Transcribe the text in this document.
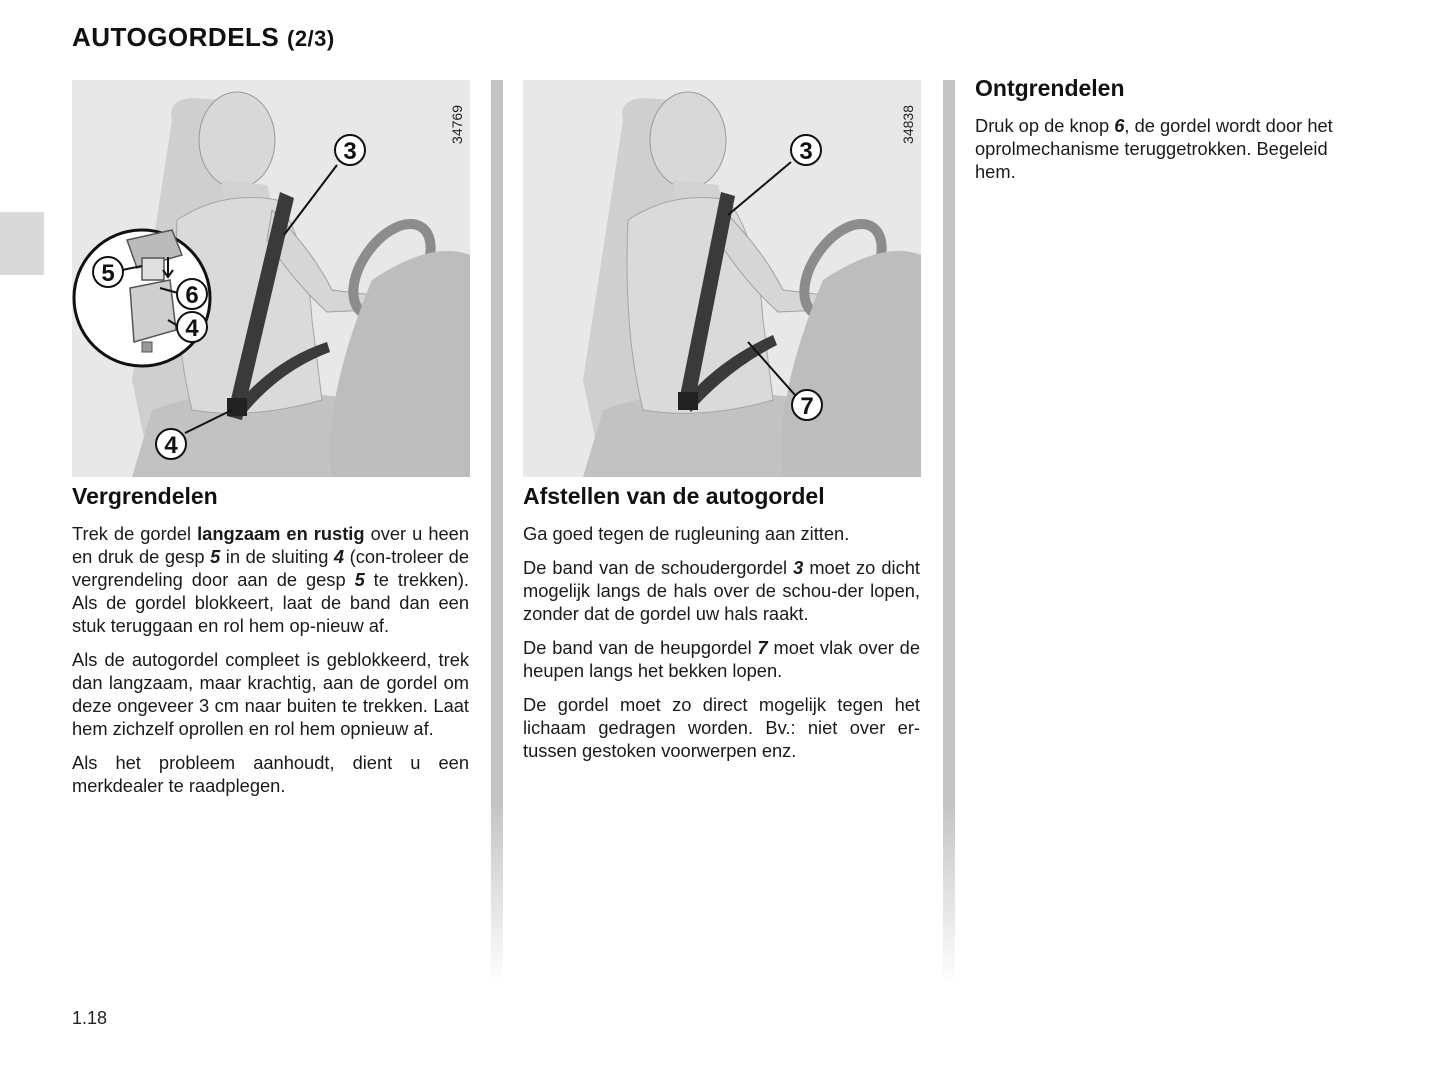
AUTOGORDELS (2/3)
3
5
6
4
4
34769
3
7
34838
Vergrendelen

Trek de gordel langzaam en rustig over u heen en druk de gesp 5 in de sluiting 4 (con-troleer de vergrendeling door aan de gesp 5 te trekken). Als de gordel blokkeert, laat de band dan een stuk teruggaan en rol hem op-nieuw af.

Als de autogordel compleet is geblokkeerd, trek dan langzaam, maar krachtig, aan de gordel om deze ongeveer 3 cm naar buiten te trekken. Laat hem zichzelf oprollen en rol hem opnieuw af.

Als het probleem aanhoudt, dient u een merkdealer te raadplegen.

Afstellen van de autogordel

Ga goed tegen de rugleuning aan zitten.

De band van de schoudergordel 3 moet zo dicht mogelijk langs de hals over de schou-der lopen, zonder dat de gordel uw hals raakt.

De band van de heupgordel 7 moet vlak over de heupen langs het bekken lopen.

De gordel moet zo direct mogelijk tegen het lichaam gedragen worden. Bv.: niet over er-tussen gestoken voorwerpen enz.

Ontgrendelen

Druk op de knop 6, de gordel wordt door het oprolmechanisme teruggetrokken. Begeleid hem.

1.18
